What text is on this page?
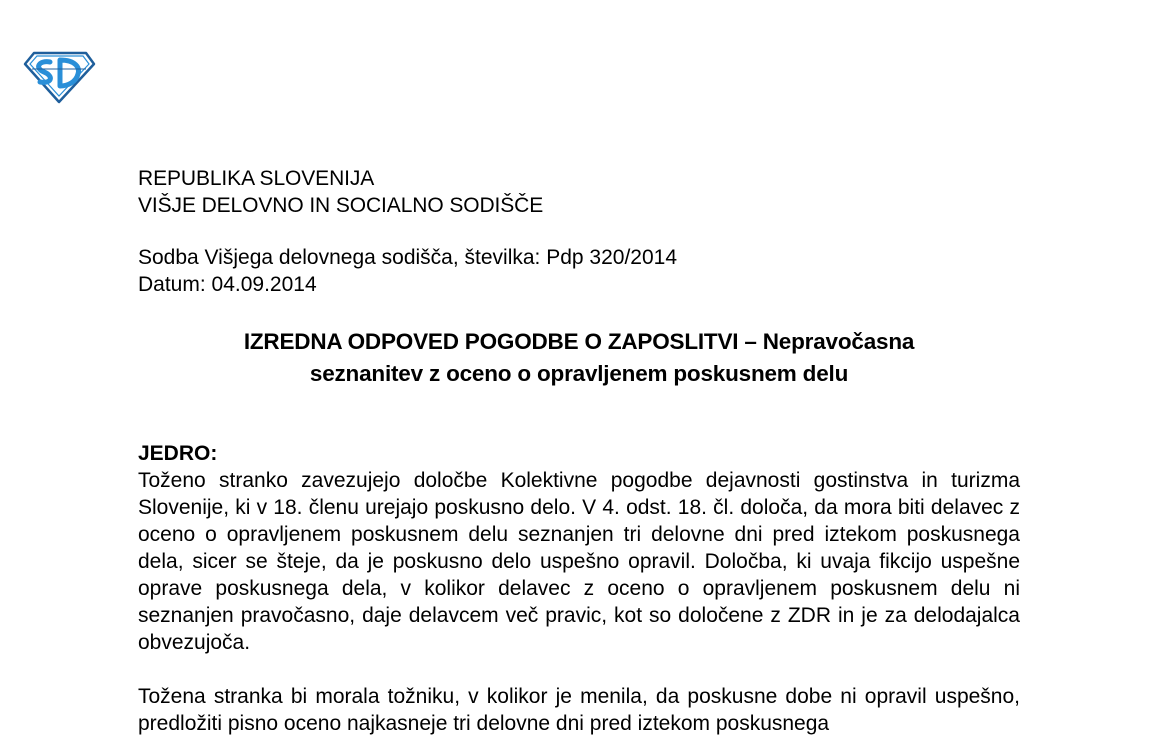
REPUBLIKA SLOVENIJA
VIŠJE DELOVNO IN SOCIALNO SODIŠČE
Sodba Višjega delovnega sodišča, številka: Pdp 320/2014
Datum: 04.09.2014
IZREDNA ODPOVED POGODBE O ZAPOSLITVI – Nepravočasna
seznanitev z oceno o opravljenem poskusnem delu
JEDRO:

Toženo stranko zavezujejo določbe Kolektivne pogodbe dejavnosti gostinstva in turizma Slovenije, ki v 18. členu urejajo poskusno delo. V 4. odst. 18. čl. določa, da mora biti delavec z oceno o opravljenem poskusnem delu seznanjen tri delovne dni pred iztekom poskusnega dela, sicer se šteje, da je poskusno delo uspešno opravil. Določba, ki uvaja fikcijo uspešne oprave poskusnega dela, v kolikor delavec z oceno o opravljenem poskusnem delu ni seznanjen pravočasno, daje delavcem več pravic, kot so določene z ZDR in je za delodajalca obvezujoča.

Tožena stranka bi morala tožniku, v kolikor je menila, da poskusne dobe ni opravil uspešno, predložiti pisno oceno najkasneje tri delovne dni pred iztekom poskusnega
